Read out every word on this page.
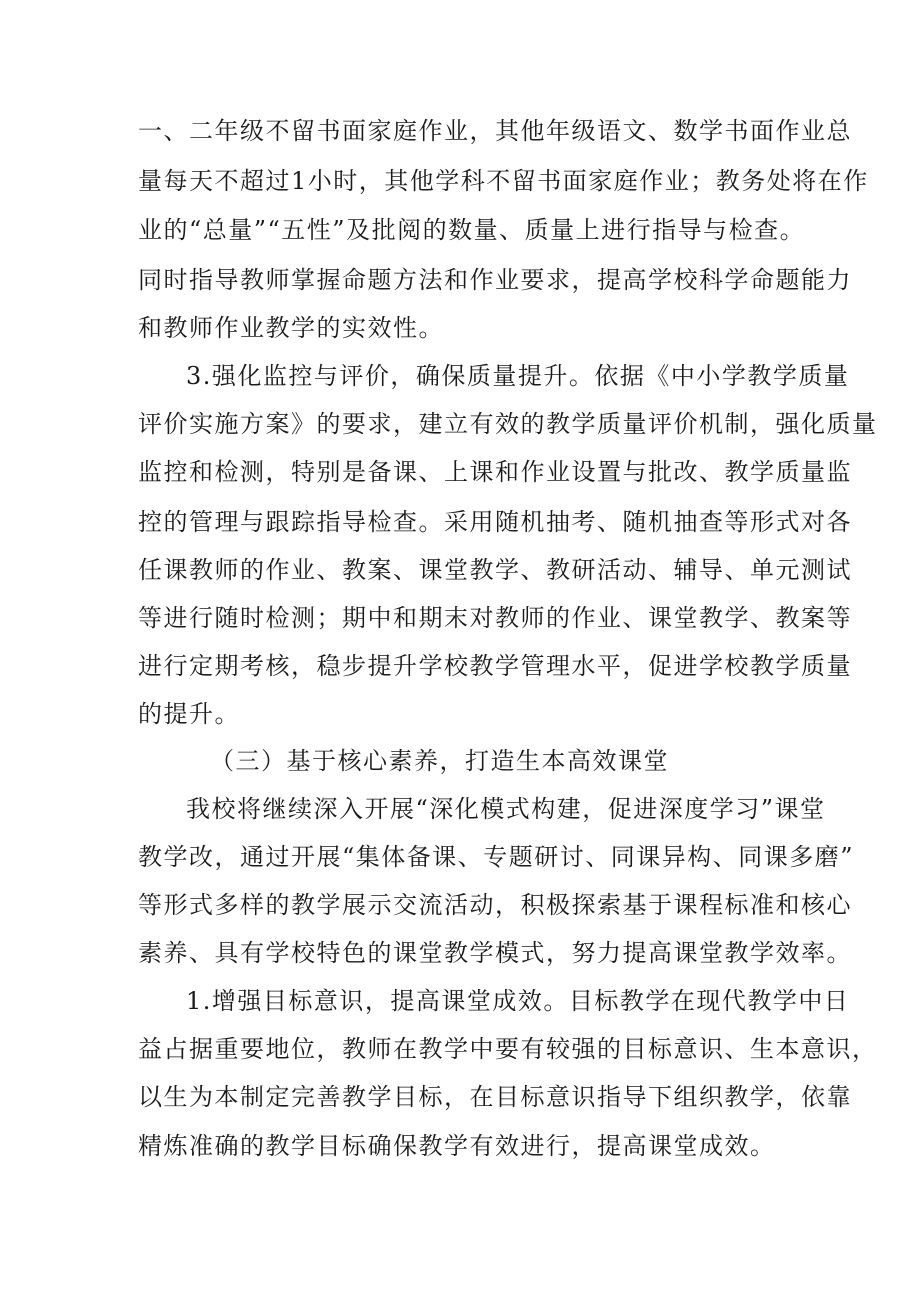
一、二年级不留书面家庭作业，其他年级语文、数学书面作业总
量每天不超过1小时，其他学科不留书面家庭作业；教务处将在作
业的“总量”“五性”及批阅的数量、质量上进行指导与检查。
同时指导教师掌握命题方法和作业要求，提高学校科学命题能力
和教师作业教学的实效性。
3.强化监控与评价，确保质量提升。依据《中小学教学质量
评价实施方案》的要求，建立有效的教学质量评价机制，强化质量
监控和检测，特别是备课、上课和作业设置与批改、教学质量监
控的管理与跟踪指导检查。采用随机抽考、随机抽查等形式对各
任课教师的作业、教案、课堂教学、教研活动、辅导、单元测试
等进行随时检测；期中和期末对教师的作业、课堂教学、教案等
进行定期考核，稳步提升学校教学管理水平，促进学校教学质量
的提升。
（三）基于核心素养，打造生本高效课堂
我校将继续深入开展“深化模式构建，促进深度学习”课堂
教学改，通过开展“集体备课、专题研讨、同课异构、同课多磨”
等形式多样的教学展示交流活动，积极探索基于课程标准和核心
素养、具有学校特色的课堂教学模式，努力提高课堂教学效率。
1.增强目标意识，提高课堂成效。目标教学在现代教学中日
益占据重要地位，教师在教学中要有较强的目标意识、生本意识，
以生为本制定完善教学目标，在目标意识指导下组织教学，依靠
精炼准确的教学目标确保教学有效进行，提高课堂成效。
